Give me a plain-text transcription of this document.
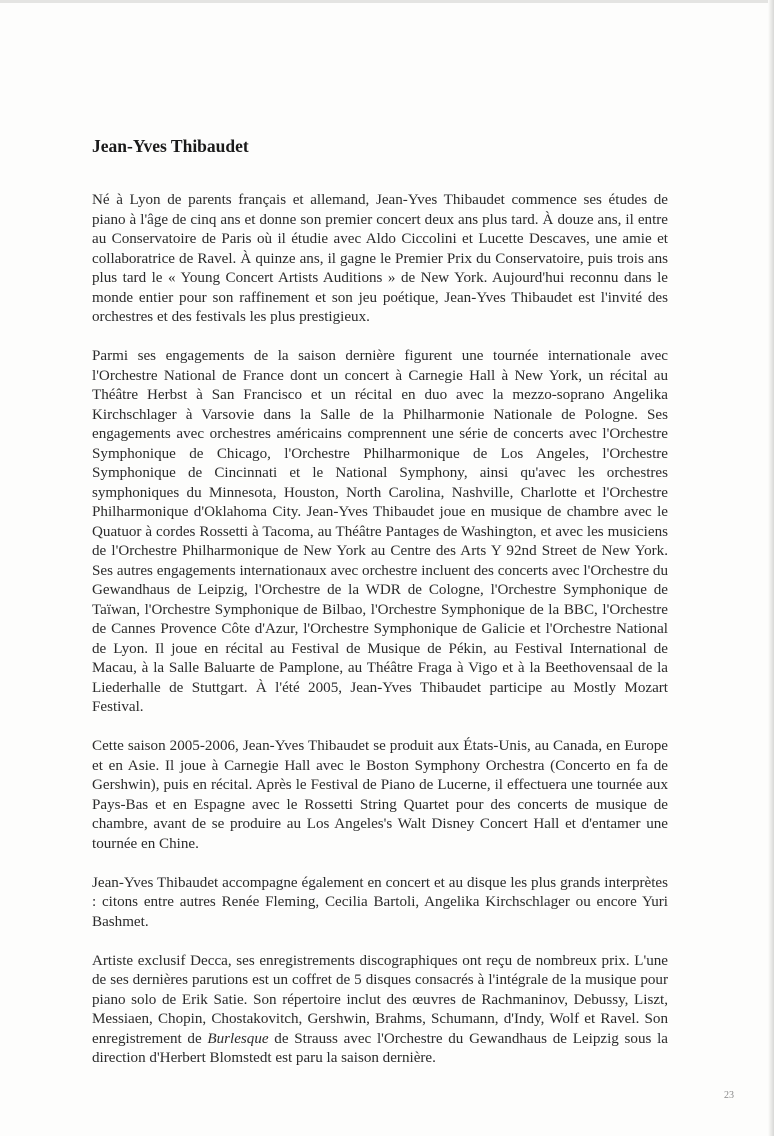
Jean-Yves Thibaudet

Né à Lyon de parents français et allemand, Jean-Yves Thibaudet commence ses études de piano à l'âge de cinq ans et donne son premier concert deux ans plus tard. À douze ans, il entre au Conservatoire de Paris où il étudie avec Aldo Ciccolini et Lucette Descaves, une amie et collaboratrice de Ravel. À quinze ans, il gagne le Premier Prix du Conservatoire, puis trois ans plus tard le « Young Concert Artists Auditions » de New York. Aujourd'hui reconnu dans le monde entier pour son raffinement et son jeu poétique, Jean-Yves Thibaudet est l'invité des orchestres et des festivals les plus prestigieux.

Parmi ses engagements de la saison dernière figurent une tournée internationale avec l'Orchestre National de France dont un concert à Carnegie Hall à New York, un récital au Théâtre Herbst à San Francisco et un récital en duo avec la mezzo-soprano Angelika Kirchschlager à Varsovie dans la Salle de la Philharmonie Nationale de Pologne. Ses engagements avec orchestres américains comprennent une série de concerts avec l'Orchestre Symphonique de Chicago, l'Orchestre Philharmonique de Los Angeles, l'Orchestre Symphonique de Cincinnati et le National Symphony, ainsi qu'avec les orchestres symphoniques du Minnesota, Houston, North Carolina, Nashville, Charlotte et l'Orchestre Philharmonique d'Oklahoma City. Jean-Yves Thibaudet joue en musique de chambre avec le Quatuor à cordes Rossetti à Tacoma, au Théâtre Pantages de Washington, et avec les musiciens de l'Orchestre Philharmonique de New York au Centre des Arts Y 92nd Street de New York. Ses autres engagements internationaux avec orchestre incluent des concerts avec l'Orchestre du Gewandhaus de Leipzig, l'Orchestre de la WDR de Cologne, l'Orchestre Symphonique de Taïwan, l'Orchestre Symphonique de Bilbao, l'Orchestre Symphonique de la BBC, l'Orchestre de Cannes Provence Côte d'Azur, l'Orchestre Symphonique de Galicie et l'Orchestre National de Lyon. Il joue en récital au Festival de Musique de Pékin, au Festival International de Macau, à la Salle Baluarte de Pamplone, au Théâtre Fraga à Vigo et à la Beethovensaal de la Liederhalle de Stuttgart. À l'été 2005, Jean-Yves Thibaudet participe au Mostly Mozart Festival.

Cette saison 2005-2006, Jean-Yves Thibaudet se produit aux États-Unis, au Canada, en Europe et en Asie. Il joue à Carnegie Hall avec le Boston Symphony Orchestra (Concerto en fa de Gershwin), puis en récital. Après le Festival de Piano de Lucerne, il effectuera une tournée aux Pays-Bas et en Espagne avec le Rossetti String Quartet pour des concerts de musique de chambre, avant de se produire au Los Angeles's Walt Disney Concert Hall et d'entamer une tournée en Chine.

Jean-Yves Thibaudet accompagne également en concert et au disque les plus grands interprètes : citons entre autres Renée Fleming, Cecilia Bartoli, Angelika Kirchschlager ou encore Yuri Bashmet.

Artiste exclusif Decca, ses enregistrements discographiques ont reçu de nombreux prix. L'une de ses dernières parutions est un coffret de 5 disques consacrés à l'intégrale de la musique pour piano solo de Erik Satie. Son répertoire inclut des œuvres de Rachmaninov, Debussy, Liszt, Messiaen, Chopin, Chostakovitch, Gershwin, Brahms, Schumann, d'Indy, Wolf et Ravel. Son enregistrement de Burlesque de Strauss avec l'Orchestre du Gewandhaus de Leipzig sous la direction d'Herbert Blomstedt est paru la saison dernière.

23
